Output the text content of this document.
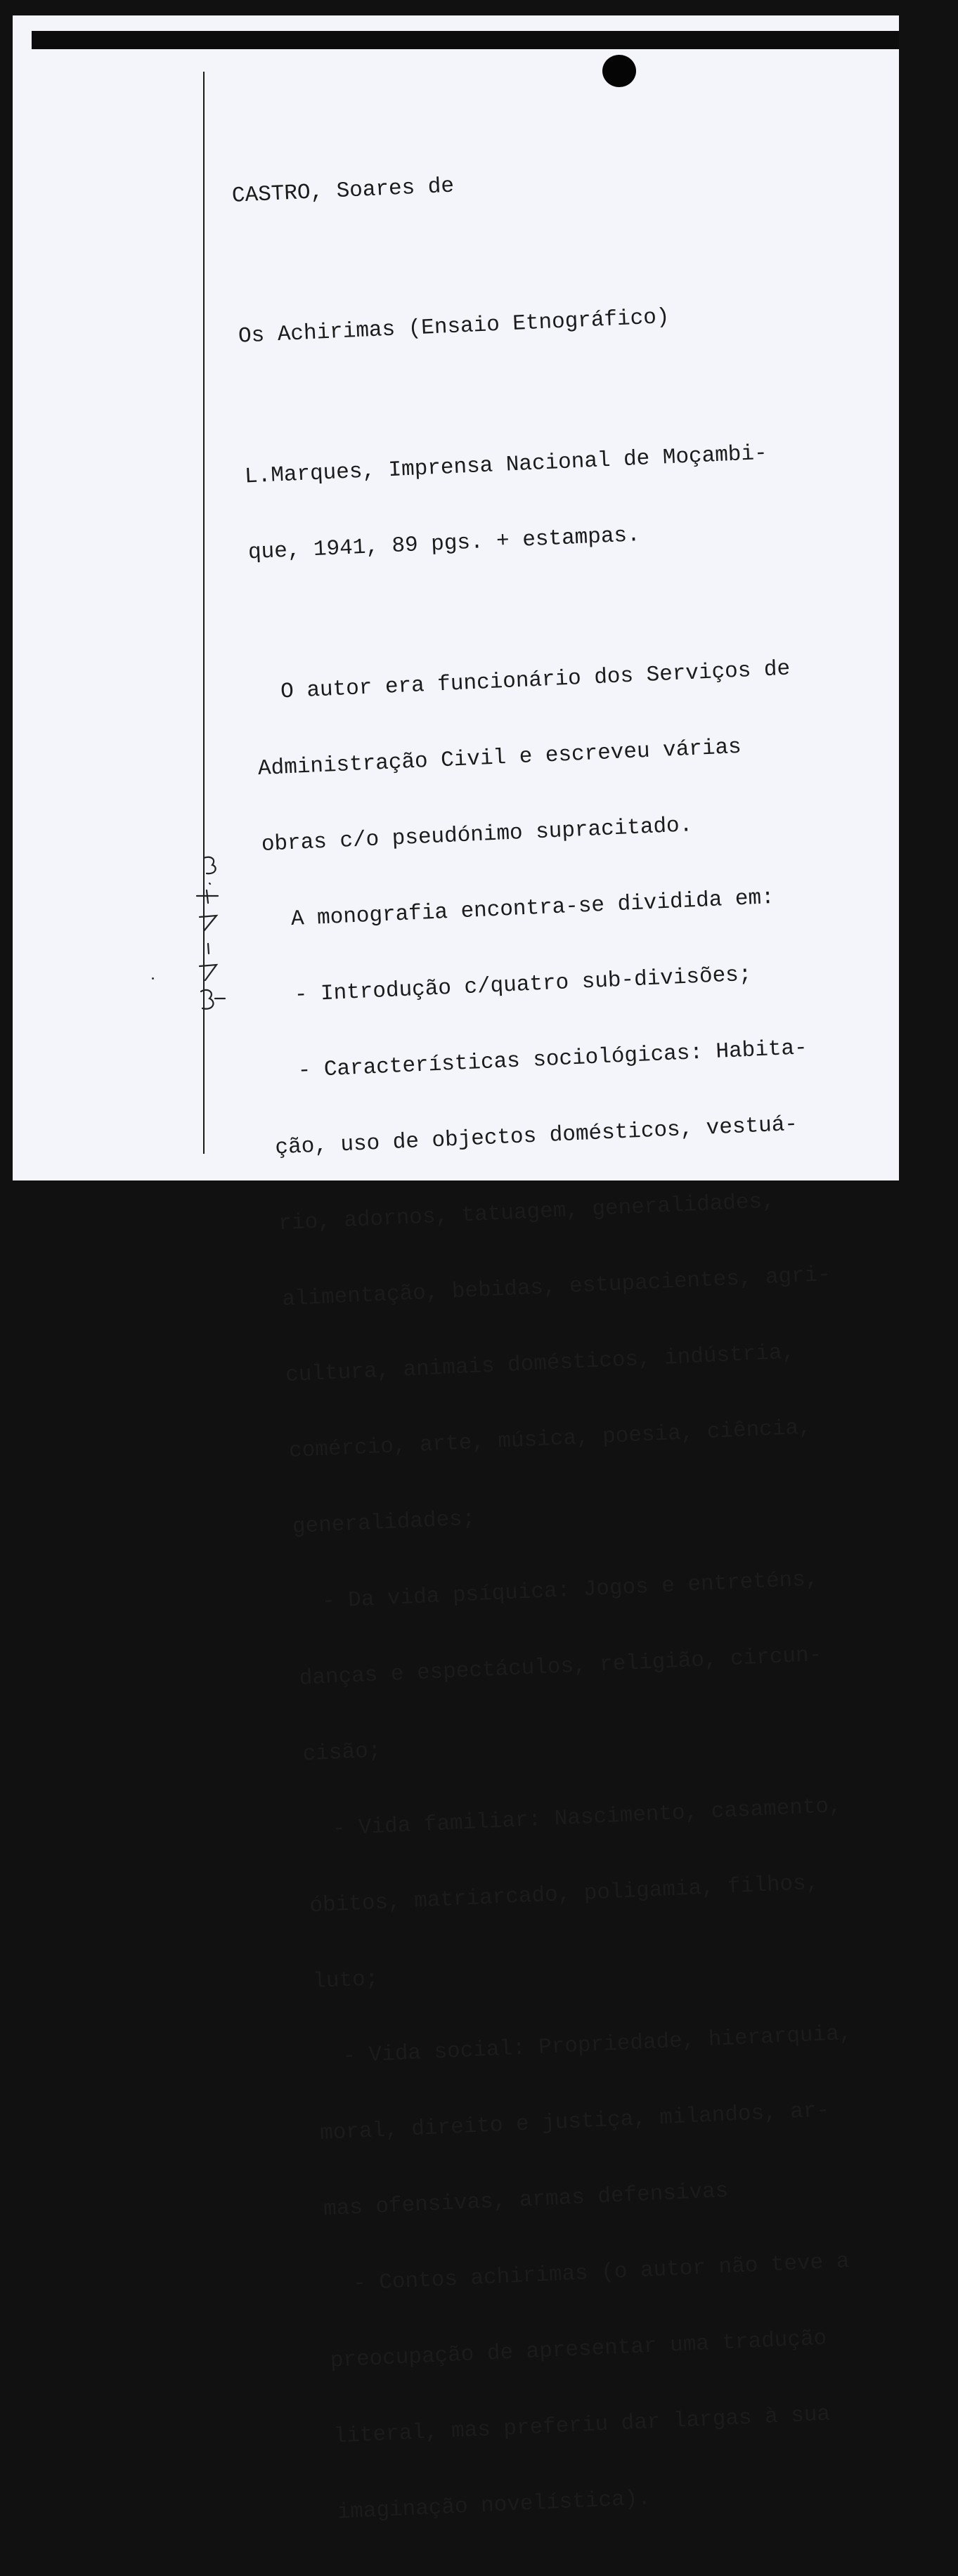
CASTRO, Soares de

Os Achirimas (Ensaio Etnográfico)

L.Marques, Imprensa Nacional de Moçambi-

que, 1941, 89 pgs. + estampas.

O autor era funcionário dos Serviços de

Administração Civil e escreveu várias

obras c/o pseudónimo supracitado.

A monografia encontra-se dividida em:

- Introdução c/quatro sub-divisões;

- Características sociológicas: Habita-

ção, uso de objectos domésticos, vestuá-

rio, adornos, tatuagem, generalidades,

alimentação, bebidas, estupacientes, agri-

cultura, animais domésticos, indústria,

comércio, arte, música, poesia, ciência,

generalidades;

- Da vida psíquica: Jogos e entreténs,

danças e espectáculos, religião, circun-

cisão;

- Vida familiar: Nascimento, casamento,

óbitos, matriarcado, poligamia, filhos,

luto;

- Vida social: Propriedade, hierarquia,

moral, direito e justiça, milandos, ar-

mas ofensivas, armas defensivas

- Contos achirimas (o autor não teve a

preocupação de apresentar uma tradução

literal, mas preferiu dar largas à sua

imaginação novelística).
